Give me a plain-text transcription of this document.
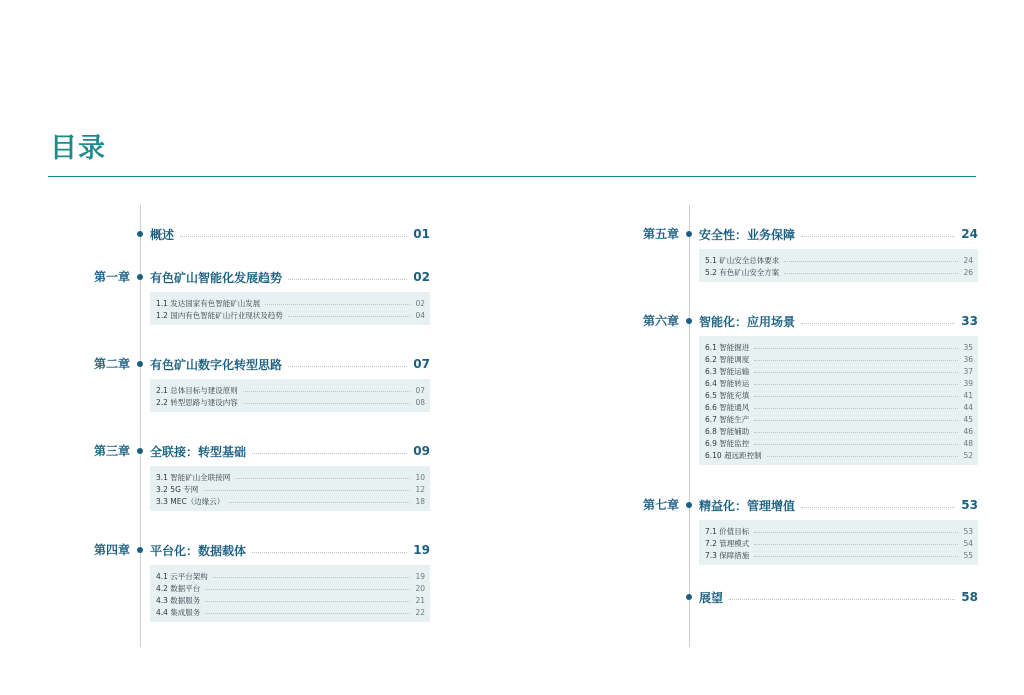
目录
概述	01
第一章 有色矿山智能化发展趋势	02
1.1 发达国家有色智能矿山发展	02
1.2 国内有色智能矿山行业现状及趋势	04
第二章 有色矿山数字化转型思路	07
2.1 总体目标与建设原则	07
2.2 转型思路与建设内容	08
第三章 全联接：转型基础	09
3.1 智能矿山全联接网	10
3.2 5G 专网	12
3.3 MEC（边缘云）	18
第四章 平台化：数据载体	19
4.1 云平台架构	19
4.2 数据平台	20
4.3 数据服务	21
4.4 集成服务	22
第五章 安全性：业务保障	24
5.1 矿山安全总体要求	24
5.2 有色矿山安全方案	26
第六章 智能化：应用场景	33
6.1 智能掘进	35
6.2 智能调度	36
6.3 智能运输	37
6.4 智能转运	39
6.5 智能充填	41
6.6 智能通风	44
6.7 智能生产	45
6.8 智能辅助	46
6.9 智能监控	48
6.10 超远距控制	52
第七章 精益化：管理增值	53
7.1 价值目标	53
7.2 管理模式	54
7.3 保障措施	55
展望	58
